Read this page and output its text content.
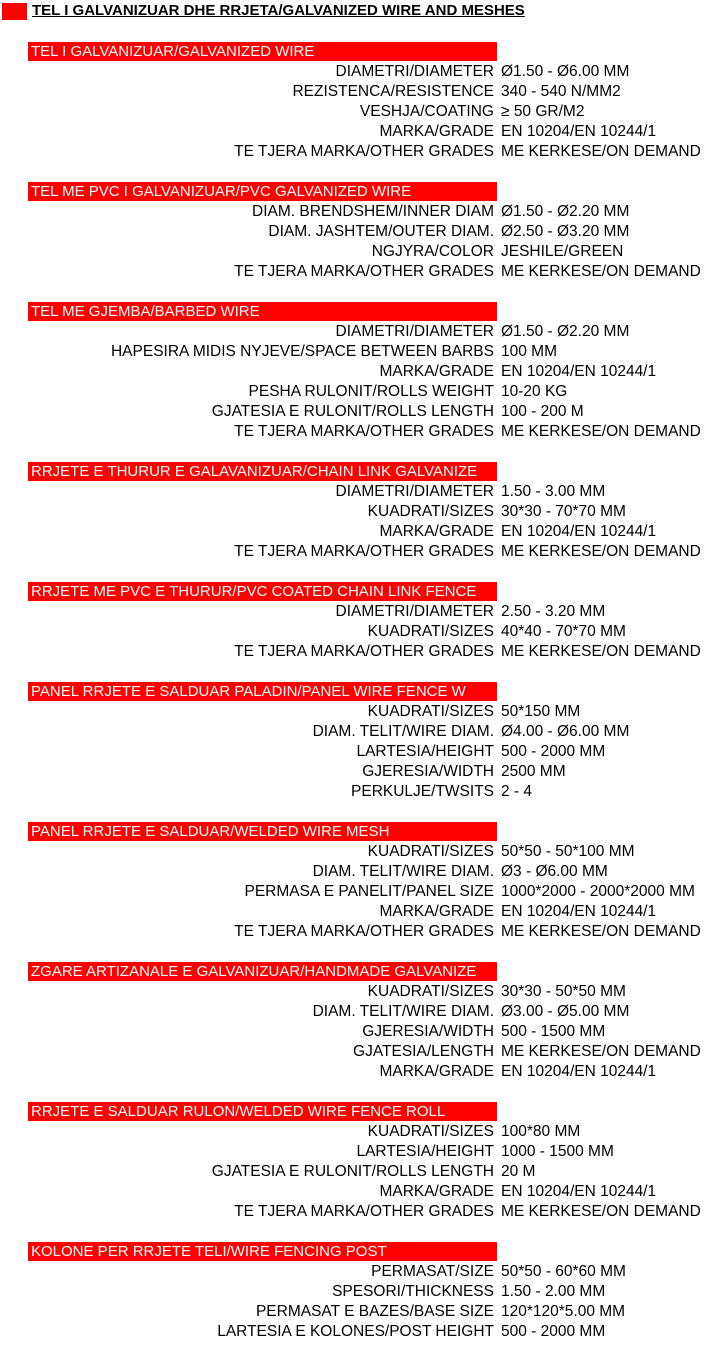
TEL I GALVANIZUAR DHE RRJETA/GALVANIZED WIRE AND MESHES
TEL I GALVANIZUAR/GALVANIZED WIRE
DIAMETRI/DIAMETER Ø1.50 - Ø6.00 MM
REZISTENCA/RESISTENCE 340 - 540 N/MM2
VESHJA/COATING ≥ 50 GR/M2
MARKA/GRADE EN 10204/EN 10244/1
TE TJERA MARKA/OTHER GRADES ME KERKESE/ON DEMAND
TEL ME PVC I GALVANIZUAR/PVC GALVANIZED WIRE
DIAM. BRENDSHEM/INNER DIAM Ø1.50 - Ø2.20 MM
DIAM. JASHTEM/OUTER DIAM. Ø2.50 - Ø3.20 MM
NGJYRA/COLOR JESHILE/GREEN
TE TJERA MARKA/OTHER GRADES ME KERKESE/ON DEMAND
TEL ME GJEMBA/BARBED WIRE
DIAMETRI/DIAMETER Ø1.50 - Ø2.20 MM
HAPESIRA MIDIS NYJEVE/SPACE BETWEEN BARBS 100 MM
MARKA/GRADE EN 10204/EN 10244/1
PESHA RULONIT/ROLLS WEIGHT 10-20 KG
GJATESIA E RULONIT/ROLLS LENGTH 100 - 200 M
TE TJERA MARKA/OTHER GRADES ME KERKESE/ON DEMAND
RRJETE E THURUR E GALAVANIZUAR/CHAIN LINK GALVANIZE
DIAMETRI/DIAMETER 1.50 - 3.00 MM
KUADRATI/SIZES 30*30 - 70*70 MM
MARKA/GRADE EN 10204/EN 10244/1
TE TJERA MARKA/OTHER GRADES ME KERKESE/ON DEMAND
RRJETE ME PVC E THURUR/PVC COATED CHAIN LINK FENCE
DIAMETRI/DIAMETER 2.50 - 3.20 MM
KUADRATI/SIZES 40*40 - 70*70 MM
TE TJERA MARKA/OTHER GRADES ME KERKESE/ON DEMAND
PANEL RRJETE E SALDUAR PALADIN/PANEL WIRE FENCE W
KUADRATI/SIZES 50*150 MM
DIAM. TELIT/WIRE DIAM. Ø4.00 - Ø6.00 MM
LARTESIA/HEIGHT 500 - 2000 MM
GJERESIA/WIDTH 2500 MM
PERKULJE/TWSITS 2 - 4
PANEL RRJETE E SALDUAR/WELDED WIRE MESH
KUADRATI/SIZES 50*50 - 50*100 MM
DIAM. TELIT/WIRE DIAM. Ø3 - Ø6.00 MM
PERMASA E PANELIT/PANEL SIZE 1000*2000 - 2000*2000 MM
MARKA/GRADE EN 10204/EN 10244/1
TE TJERA MARKA/OTHER GRADES ME KERKESE/ON DEMAND
ZGARE ARTIZANALE E GALVANIZUAR/HANDMADE GALVANIZE
KUADRATI/SIZES 30*30 - 50*50 MM
DIAM. TELIT/WIRE DIAM. Ø3.00 - Ø5.00 MM
GJERESIA/WIDTH 500 - 1500 MM
GJATESIA/LENGTH ME KERKESE/ON DEMAND
MARKA/GRADE EN 10204/EN 10244/1
RRJETE E SALDUAR RULON/WELDED WIRE FENCE ROLL
KUADRATI/SIZES 100*80 MM
LARTESIA/HEIGHT 1000 - 1500 MM
GJATESIA E RULONIT/ROLLS LENGTH 20 M
MARKA/GRADE EN 10204/EN 10244/1
TE TJERA MARKA/OTHER GRADES ME KERKESE/ON DEMAND
KOLONE PER RRJETE TELI/WIRE FENCING POST
PERMASAT/SIZE 50*50 - 60*60 MM
SPESORI/THICKNESS 1.50 - 2.00 MM
PERMASAT E BAZES/BASE SIZE 120*120*5.00 MM
LARTESIA E KOLONES/POST HEIGHT 500 - 2000 MM
